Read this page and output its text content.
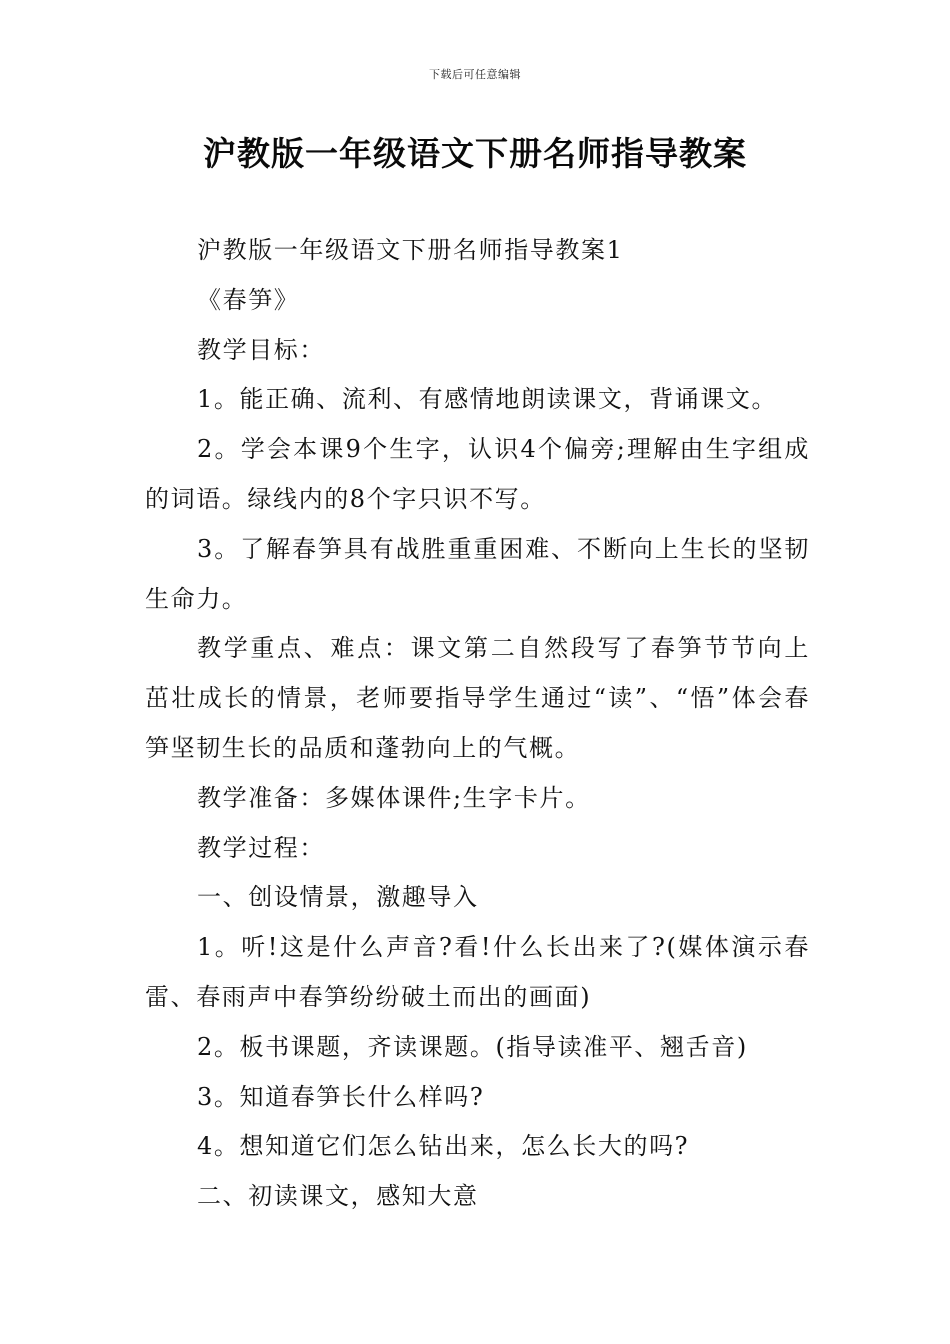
下载后可任意编辑
沪教版一年级语文下册名师指导教案

沪教版一年级语文下册名师指导教案1

《春笋》

教学目标：

1。能正确、流利、有感情地朗读课文，背诵课文。

2。学会本课9个生字，认识4个偏旁;理解由生字组成的词语。绿线内的8个字只识不写。

3。了解春笋具有战胜重重困难、不断向上生长的坚韧生命力。

教学重点、难点：课文第二自然段写了春笋节节向上茁壮成长的情景，老师要指导学生通过“读”、“悟”体会春笋坚韧生长的品质和蓬勃向上的气概。

教学准备：多媒体课件;生字卡片。

教学过程：

一、创设情景，激趣导入

1。听!这是什么声音?看!什么长出来了?(媒体演示春雷、春雨声中春笋纷纷破土而出的画面)

2。板书课题，齐读课题。(指导读准平、翘舌音)

3。知道春笋长什么样吗?

4。想知道它们怎么钻出来，怎么长大的吗?

二、初读课文，感知大意
